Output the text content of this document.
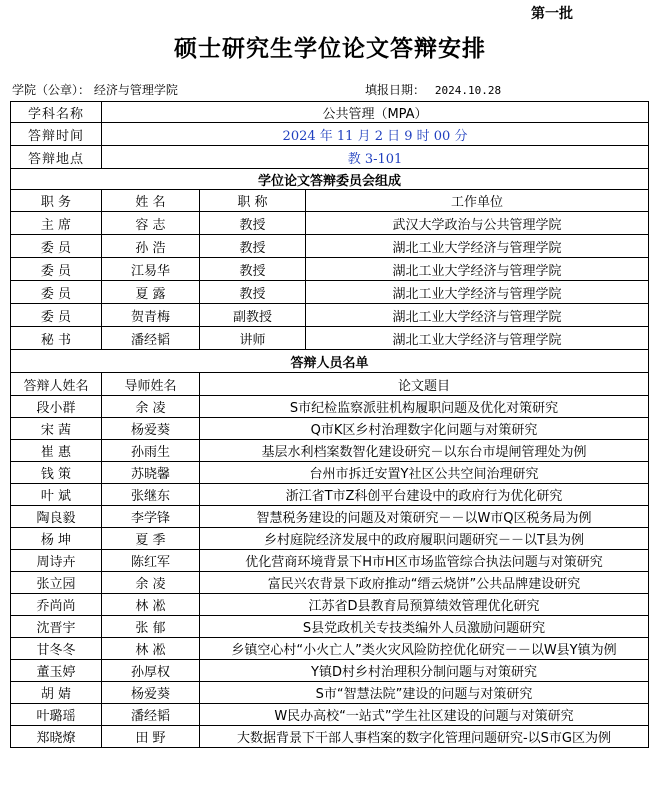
第一批
硕士研究生学位论文答辩安排
学院（公章）： 经济与管理学院	填报日期： 2024.10.28
学科名称	公共管理（MPA）		
答辩时间	2024 年 11 月 2 日 9 时 00 分		
答辩地点	教 3-101		
学位论文答辩委员会组成			
职 务	姓 名	职 称	工作单位
主 席	容 志	教授	武汉大学政治与公共管理学院
委 员	孙 浩	教授	湖北工业大学经济与管理学院
委 员	江易华	教授	湖北工业大学经济与管理学院
委 员	夏 露	教授	湖北工业大学经济与管理学院
委 员	贺青梅	副教授	湖北工业大学经济与管理学院
秘 书	潘经韬	讲师	湖北工业大学经济与管理学院
答辩人员名单			
答辩人姓名	导师姓名	论文题目	
段小群	余 凌	S市纪检监察派驻机构履职问题及优化对策研究	
宋 茜	杨爱葵	Q市K区乡村治理数字化问题与对策研究	
崔 惠	孙雨生	基层水利档案数智化建设研究－以东台市堤闸管理处为例	
钱 策	苏晓馨	台州市拆迁安置Y社区公共空间治理研究	
叶 斌	张继东	浙江省T市Z科创平台建设中的政府行为优化研究	
陶良毅	李学锋	智慧税务建设的问题及对策研究－－以W市Q区税务局为例	
杨 坤	夏 季	乡村庭院经济发展中的政府履职问题研究－－以T县为例	
周诗卉	陈红军	优化营商环境背景下H市H区市场监管综合执法问题与对策研究	
张立园	余 凌	富民兴农背景下政府推动“缙云烧饼”公共品牌建设研究	
乔尚尚	林 凇	江苏省D县教育局预算绩效管理优化研究	
沈晋宇	张 郁	S县党政机关专技类编外人员激励问题研究	
甘冬冬	林 凇	乡镇空心村“小火亡人”类火灾风险防控优化研究－－以W县Y镇为例	
董玉婷	孙厚权	Y镇D村乡村治理积分制问题与对策研究	
胡 婧	杨爱葵	S市“智慧法院”建设的问题与对策研究	
叶璐瑶	潘经韬	W民办高校“一站式”学生社区建设的问题与对策研究	
郑晓燎	田 野	大数据背景下干部人事档案的数字化管理问题研究-以S市G区为例	
